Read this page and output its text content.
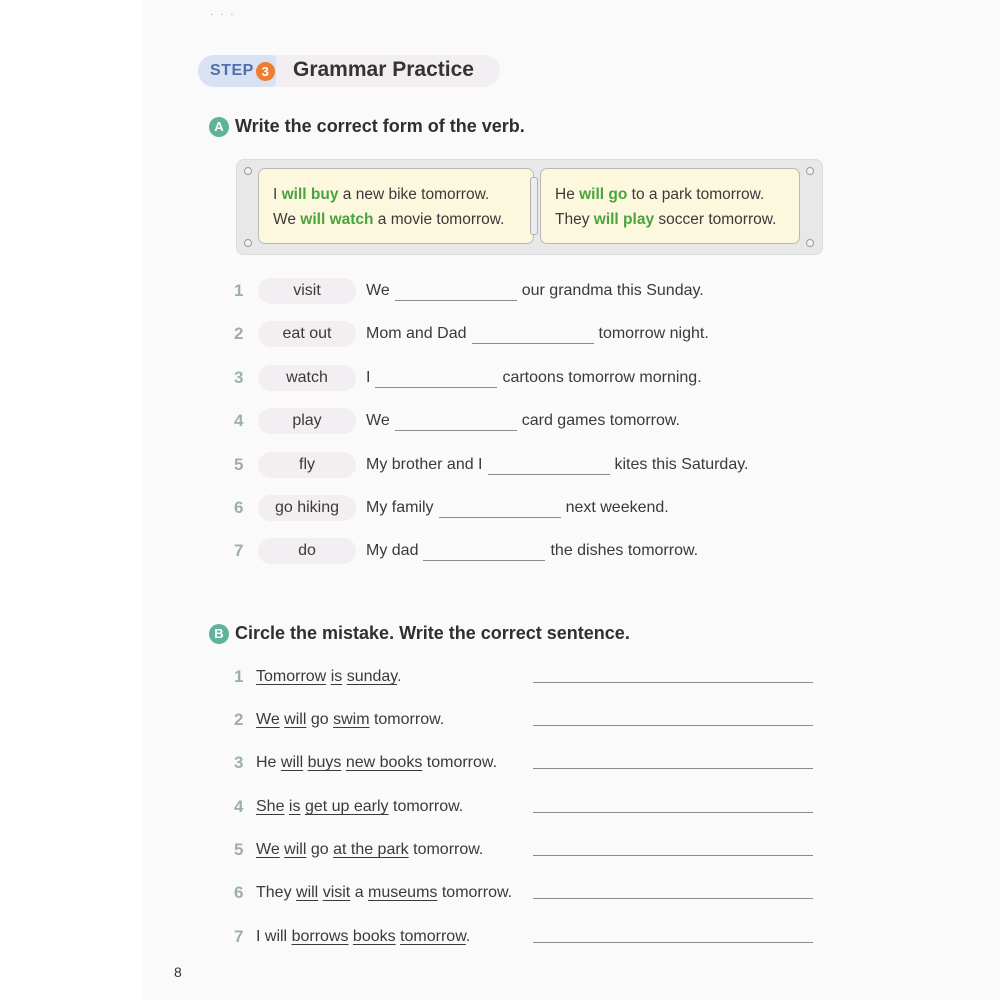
· · ·
STEP 3 Grammar Practice
A Write the correct form of the verb.
I will buy a new bike tomorrow.
We will watch a movie tomorrow.
He will go to a park tomorrow.
They will play soccer tomorrow.
1	visit	We	our grandma this Sunday.
2	eat out	Mom and Dad	tomorrow night.
3	watch	I	cartoons tomorrow morning.
4	play	We	card games tomorrow.
5	fly	My brother and I	kites this Saturday.
6	go hiking	My family	next weekend.
7	do	My dad	the dishes tomorrow.
B Circle the mistake. Write the correct sentence.
1 Tomorrow is sunday.
2 We will go swim tomorrow.
3 He will buys new books tomorrow.
4 She is get up early tomorrow.
5 We will go at the park tomorrow.
6 They will visit a museums tomorrow.
7 I will borrows books tomorrow.
8
